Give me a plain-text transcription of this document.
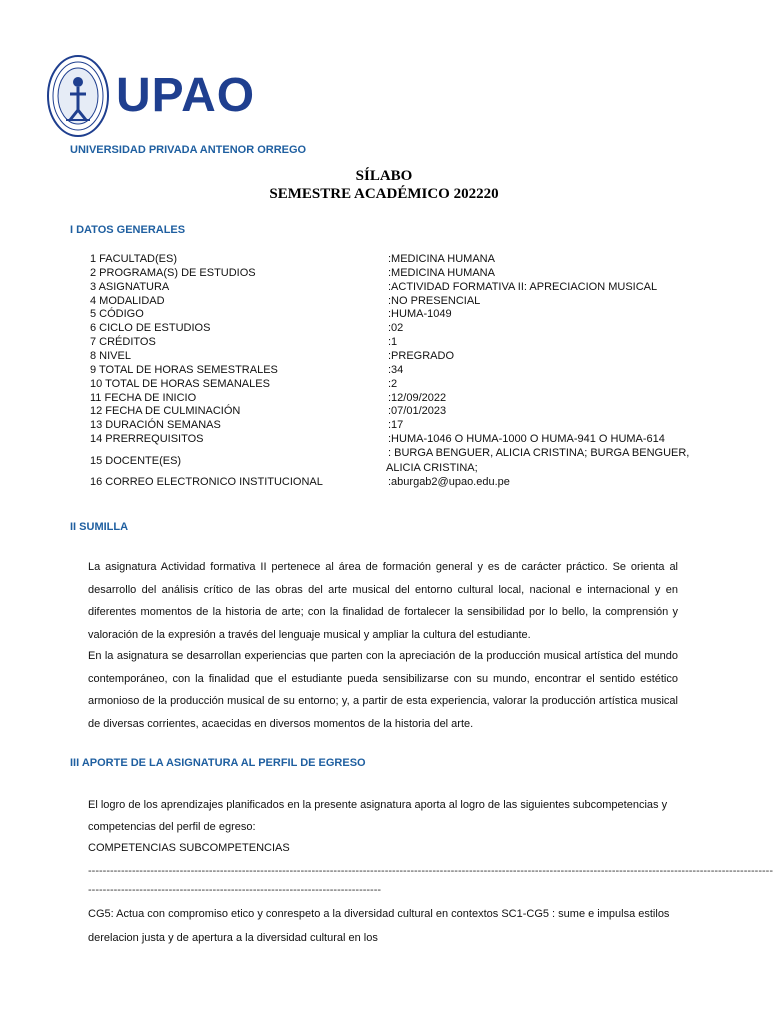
UPAO
UNIVERSIDAD PRIVADA ANTENOR ORREGO
SÍLABO
SEMESTRE ACADÉMICO 202220
I DATOS GENERALES
1 FACULTAD(ES)	:MEDICINA HUMANA
2 PROGRAMA(S) DE ESTUDIOS	:MEDICINA HUMANA
3 ASIGNATURA	:ACTIVIDAD FORMATIVA II: APRECIACION MUSICAL
4 MODALIDAD	:NO PRESENCIAL
5 CÓDIGO	:HUMA-1049
6 CICLO DE ESTUDIOS	:02
7 CRÉDITOS	:1
8 NIVEL	:PREGRADO
9 TOTAL DE HORAS SEMESTRALES	:34
10 TOTAL DE HORAS SEMANALES	:2
11 FECHA DE INICIO	:12/09/2022
12 FECHA DE CULMINACIÓN	:07/01/2023
13 DURACIÓN SEMANAS	:17
14 PRERREQUISITOS	:HUMA-1046 O HUMA-1000 O HUMA-941 O HUMA-614
15 DOCENTE(ES)
: BURGA BENGUER, ALICIA CRISTINA; BURGA BENGUER,
ALICIA CRISTINA;
16 CORREO ELECTRONICO INSTITUCIONAL	:aburgab2@upao.edu.pe
II SUMILLA
La asignatura Actividad formativa II pertenece al área de formación general y es de carácter práctico. Se orienta al desarrollo del análisis crítico de las obras del arte musical del entorno cultural local, nacional e internacional y en diferentes momentos de la historia de arte; con la finalidad de fortalecer la sensibilidad por lo bello, la comprensión y valoración de la expresión a través del lenguaje musical y ampliar la cultura del estudiante.
En la asignatura se desarrollan experiencias que parten con la apreciación de la producción musical artística del mundo contemporáneo, con la finalidad que el estudiante pueda sensibilizarse con su mundo, encontrar el sentido estético armonioso de la producción musical de su entorno; y, a partir de esta experiencia, valorar la producción artística musical de diversas corrientes, acaecidas en diversos momentos de la historia del arte.
III APORTE DE LA ASIGNATURA AL PERFIL DE EGRESO
El logro de los aprendizajes planificados en la presente asignatura aporta al logro de las siguientes subcompetencias y
competencias del perfil de egreso:
COMPETENCIAS SUBCOMPETENCIAS
-------------------------------------------------------------------------------------------------------------------------------------------------------------------------------------------
--------------------------------------------------------------------------------
CG5: Actua con compromiso etico y conrespeto a la diversidad cultural en contextos SC1-CG5 : sume e impulsa estilos
derelacion justa y de apertura a la diversidad cultural en los
